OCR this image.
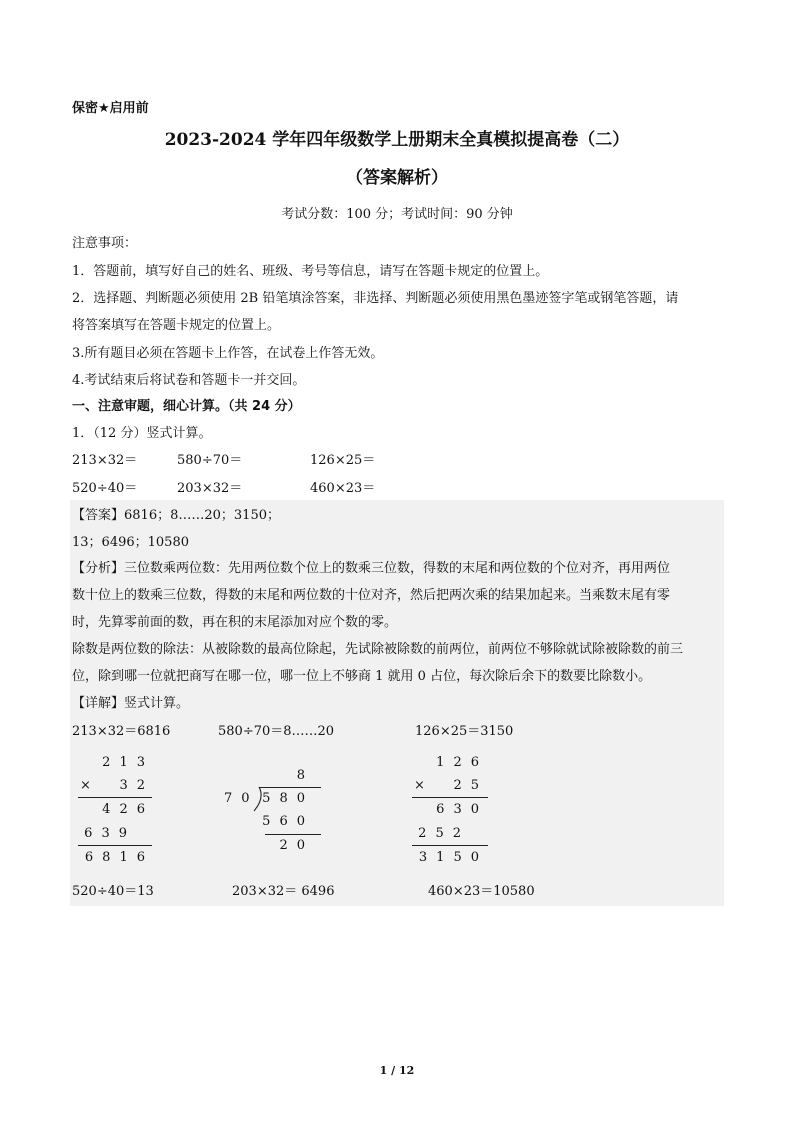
保密★启用前
2023-2024 学年四年级数学上册期末全真模拟提高卷（二）
（答案解析）
考试分数：100 分；考试时间：90 分钟
注意事项：
1．答题前，填写好自己的姓名、班级、考号等信息，请写在答题卡规定的位置上。
2．选择题、判断题必须使用 2B 铅笔填涂答案，非选择、判断题必须使用黑色墨迹签字笔或钢笔答题，请
将答案填写在答题卡规定的位置上。
3.所有题目必须在答题卡上作答，在试卷上作答无效。
4.考试结束后将试卷和答题卡一并交回。
一、注意审题，细心计算。（共 24 分）
1．（12 分）竖式计算。
213×32＝	580÷70＝	126×25＝
520÷40＝	203×32＝	460×23＝
【答案】6816；8……20；3150；
13；6496；10580
【分析】三位数乘两位数：先用两位数个位上的数乘三位数，得数的末尾和两位数的个位对齐，再用两位
数十位上的数乘三位数，得数的末尾和两位数的十位对齐，然后把两次乘的结果加起来。当乘数末尾有零
时，先算零前面的数，再在积的末尾添加对应个数的零。
除数是两位数的除法：从被除数的最高位除起，先试除被除数的前两位，前两位不够除就试除被除数的前三
位，除到哪一位就把商写在哪一位，哪一位上不够商 1 就用 0 占位，每次除后余下的数要比除数小。
【详解】竖式计算。
213×32＝6816	580÷70＝8……20	126×25＝3150
213
× 32
426
639
6816
8
70 580
560
20
126
× 25
630
252
3150
520÷40＝13	203×32＝ 6496	460×23＝10580
1 / 12
